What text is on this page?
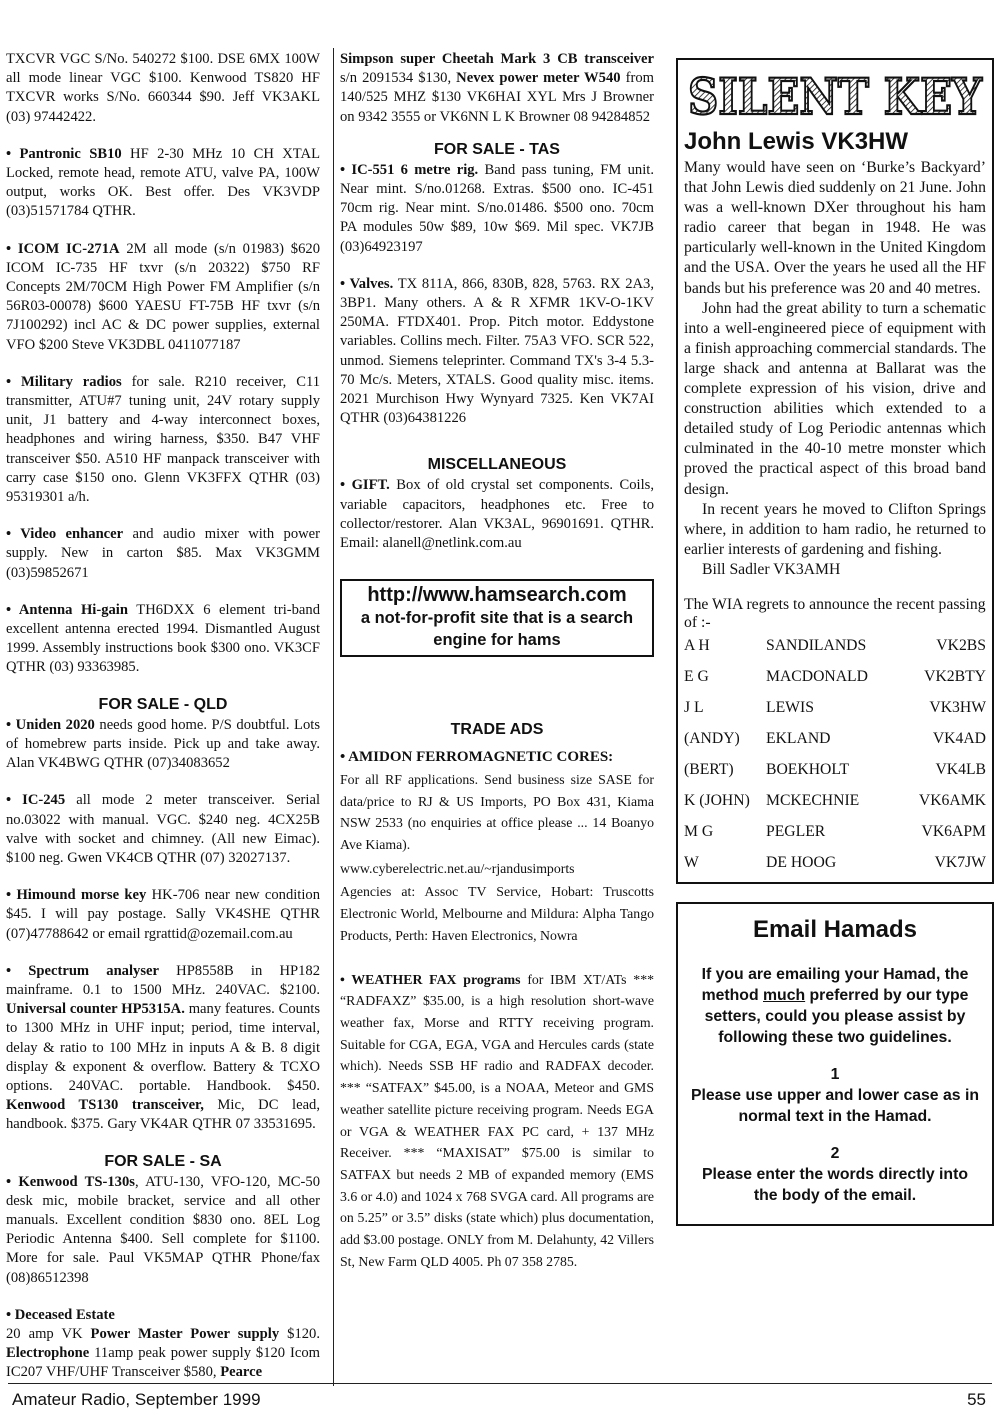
TXCVR VGC S/No. 540272 $100. DSE 6MX 100W all mode linear VGC $100. Kenwood TS820 HF TXCVR works S/No. 660344 $90. Jeff VK3AKL (03) 97442422.

• Pantronic SB10 HF 2-30 MHz 10 CH XTAL Locked, remote head, remote ATU, valve PA, 100W output, works OK. Best offer. Des VK3VDP (03)51571784 QTHR.

• ICOM IC-271A 2M all mode (s/n 01983) $620 ICOM IC-735 HF txvr (s/n 20322) $750 RF Concepts 2M/70CM High Power FM Amplifier (s/n 56R03-00078) $600 YAESU FT-75B HF txvr (s/n 7J100292) incl AC & DC power supplies, external VFO $200 Steve VK3DBL 0411077187

• Military radios for sale. R210 receiver, C11 transmitter, ATU#7 tuning unit, 24V rotary supply unit, J1 battery and 4-way interconnect boxes, headphones and wiring harness, $350. B47 VHF transceiver $50. A510 HF manpack transceiver with carry case $150 ono. Glenn VK3FFX QTHR (03) 95319301 a/h.

• Video enhancer and audio mixer with power supply. New in carton $85. Max VK3GMM (03)59852671

• Antenna Hi-gain TH6DXX 6 element tri-band excellent antenna erected 1994. Dismantled August 1999. Assembly instructions book $300 ono. VK3CF QTHR (03) 93363985.

FOR SALE - QLD

• Uniden 2020 needs good home. P/S doubtful. Lots of homebrew parts inside. Pick up and take away. Alan VK4BWG QTHR (07)34083652

• IC-245 all mode 2 meter transceiver. Serial no.03022 with manual. VGC. $240 neg. 4CX25B valve with socket and chimney. (All new Eimac). $100 neg. Gwen VK4CB QTHR (07) 32027137.

• Himound morse key HK-706 near new condition $45. I will pay postage. Sally VK4SHE QTHR (07)47788642 or email rgrattid@ozemail.com.au

• Spectrum analyser HP8558B in HP182 mainframe. 0.1 to 1500 MHz. 240VAC. $2100. Universal counter HP5315A. many features. Counts to 1300 MHz in UHF input; period, time interval, delay & ratio to 100 MHz in inputs A & B. 8 digit display & exponent & overflow. Battery & TCXO options. 240VAC. portable. Handbook. $450. Kenwood TS130 transceiver, Mic, DC lead, handbook. $375. Gary VK4AR QTHR 07 33531695.

FOR SALE - SA

• Kenwood TS-130s, ATU-130, VFO-120, MC-50 desk mic, mobile bracket, service and all other manuals. Excellent condition $830 ono. 8EL Log Periodic Antenna $400. Sell complete for $1100. More for sale. Paul VK5MAP QTHR Phone/fax (08)86512398

• Deceased Estate

20 amp VK Power Master Power supply $120. Electrophone 11amp peak power supply $120 Icom IC207 VHF/UHF Transceiver $580, Pearce

Simpson super Cheetah Mark 3 CB transceiver s/n 2091534 $130, Nevex power meter W540 from 140/525 MHZ $130 VK6HAI XYL Mrs J Browner on 9342 3555 or VK6NN L K Browner 08 94284852

FOR SALE - TAS

• IC-551 6 metre rig. Band pass tuning, FM unit. Near mint. S/no.01268. Extras. $500 ono. IC-451 70cm rig. Near mint. S/no.01486. $500 ono. 70cm PA modules 50w $89, 10w $69. Mil spec. VK7JB (03)64923197

• Valves. TX 811A, 866, 830B, 828, 5763. RX 2A3, 3BP1. Many others. A & R XFMR 1KV-O-1KV 250MA. FTDX401. Prop. Pitch motor. Eddystone variables. Collins mech. Filter. 75A3 VFO. SCR 522, unmod. Siemens teleprinter. Command TX's 3-4 5.3-70 Mc/s. Meters, XTALS. Good quality misc. items. 2021 Murchison Hwy Wynyard 7325. Ken VK7AI QTHR (03)64381226

MISCELLANEOUS

• GIFT. Box of old crystal set components. Coils, variable capacitors, headphones etc. Free to collector/restorer. Alan VK3AL, 96901691. QTHR. Email: alanell@netlink.com.au

http://www.hamsearch.com
a not-for-profit site that is a search engine for hams
TRADE ADS
• AMIDON FERROMAGNETIC CORES:
For all RF applications. Send business size SASE for data/price to RJ & US Imports, PO Box 431, Kiama NSW 2533 (no enquiries at office please ... 14 Boanyo Ave Kiama).
www.cyberelectric.net.au/~rjandusimports
Agencies at: Assoc TV Service, Hobart: Truscotts Electronic World, Melbourne and Mildura: Alpha Tango Products, Perth: Haven Electronics, Nowra
• WEATHER FAX programs for IBM XT/ATs *** “RADFAXZ” $35.00, is a high resolution short-wave weather fax, Morse and RTTY receiving program. Suitable for CGA, EGA, VGA and Hercules cards (state which). Needs SSB HF radio and RADFAX decoder. *** “SATFAX” $45.00, is a NOAA, Meteor and GMS weather satellite picture receiving program. Needs EGA or VGA & WEATHER FAX PC card, + 137 MHz Receiver. *** “MAXISAT” $75.00 is similar to SATFAX but needs 2 MB of expanded memory (EMS 3.6 or 4.0) and 1024 x 768 SVGA card. All programs are on 5.25” or 3.5” disks (state which) plus documentation, add $3.00 postage. ONLY from M. Delahunty, 42 Villers St, New Farm QLD 4005. Ph 07 358 2785.
SILENT KEY
John Lewis VK3HW

Many would have seen on ‘Burke’s Backyard’ that John Lewis died suddenly on 21 June. John was a well-known DXer throughout his ham radio career that began in 1948. He was particularly well-known in the United Kingdom and the USA. Over the years he used all the HF bands but his preference was 20 and 40 metres.

John had the great ability to turn a schematic into a well-engineered piece of equipment with a finish approaching commercial standards. The large shack and antenna at Ballarat was the complete expression of his vision, drive and construction abilities which extended to a detailed study of Log Periodic antennas which culminated in the 40-10 metre monster which proved the practical aspect of this broad band design.

In recent years he moved to Clifton Springs where, in addition to ham radio, he returned to earlier interests of gardening and fishing.

Bill Sadler VK3AMH
The WIA regrets to announce the recent passing of :-
A H	SANDILANDS	VK2BS
E G	MACDONALD	VK2BTY
J L	LEWIS	VK3HW
(ANDY)	EKLAND	VK4AD
(BERT)	BOEKHOLT	VK4LB
K (JOHN)	MCKECHNIE	VK6AMK
M G	PEGLER	VK6APM
W	DE HOOG	VK7JW
Email Hamads

If you are emailing your Hamad, the method much preferred by our type setters, could you please assist by following these two guidelines.

1

Please use upper and lower case as in normal text in the Hamad.

2

Please enter the words directly into the body of the email.

Amateur Radio, September 1999	55
